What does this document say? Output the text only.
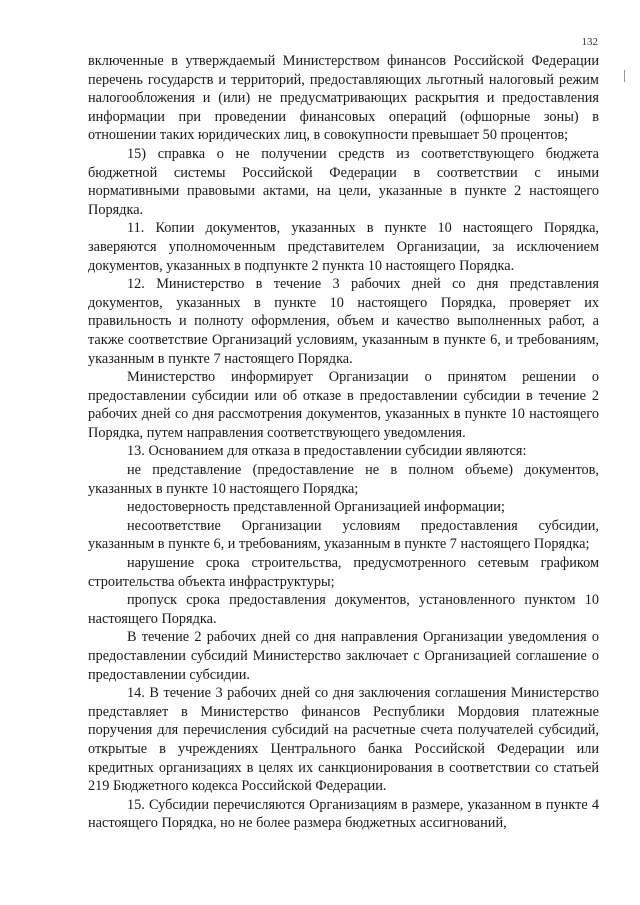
132

включенные в утверждаемый Министерством финансов Российской Федерации перечень государств и территорий, предоставляющих льготный налоговый режим налогообложения и (или) не предусматривающих раскрытия и предоставления информации при проведении финансовых операций (офшорные зоны) в отношении таких юридических лиц, в совокупности превышает 50 процентов;

15) справка о не получении средств из соответствующего бюджета бюджетной системы Российской Федерации в соответствии с иными нормативными правовыми актами, на цели, указанные в пункте 2 настоящего Порядка.

11. Копии документов, указанных в пункте 10 настоящего Порядка, заверяются уполномоченным представителем Организации, за исключением документов, указанных в подпункте 2 пункта 10 настоящего Порядка.

12. Министерство в течение 3 рабочих дней со дня представления документов, указанных в пункте 10 настоящего Порядка, проверяет их правильность и полноту оформления, объем и качество выполненных работ, а также соответствие Организаций условиям, указанным в пункте 6, и требованиям, указанным в пункте 7 настоящего Порядка.

Министерство информирует Организации о принятом решении о предоставлении субсидии или об отказе в предоставлении субсидии в течение 2 рабочих дней со дня рассмотрения документов, указанных в пункте 10 настоящего Порядка, путем направления соответствующего уведомления.

13. Основанием для отказа в предоставлении субсидии являются:

не представление (предоставление не в полном объеме) документов, указанных в пункте 10 настоящего Порядка;

недостоверность представленной Организацией информации;

несоответствие Организации условиям предоставления субсидии, указанным в пункте 6, и требованиям, указанным в пункте 7 настоящего Порядка;

нарушение срока строительства, предусмотренного сетевым графиком строительства объекта инфраструктуры;

пропуск срока предоставления документов, установленного пунктом 10 настоящего Порядка.

В течение 2 рабочих дней со дня направления Организации уведомления о предоставлении субсидий Министерство заключает с Организацией соглашение о предоставлении субсидии.

14. В течение 3 рабочих дней со дня заключения соглашения Министерство представляет в Министерство финансов Республики Мордовия платежные поручения для перечисления субсидий на расчетные счета получателей субсидий, открытые в учреждениях Центрального банка Российской Федерации или кредитных организациях в целях их санкционирования в соответствии со статьей 219 Бюджетного кодекса Российской Федерации.

15. Субсидии перечисляются Организациям в размере, указанном в пункте 4 настоящего Порядка, но не более размера бюджетных ассигнований,
